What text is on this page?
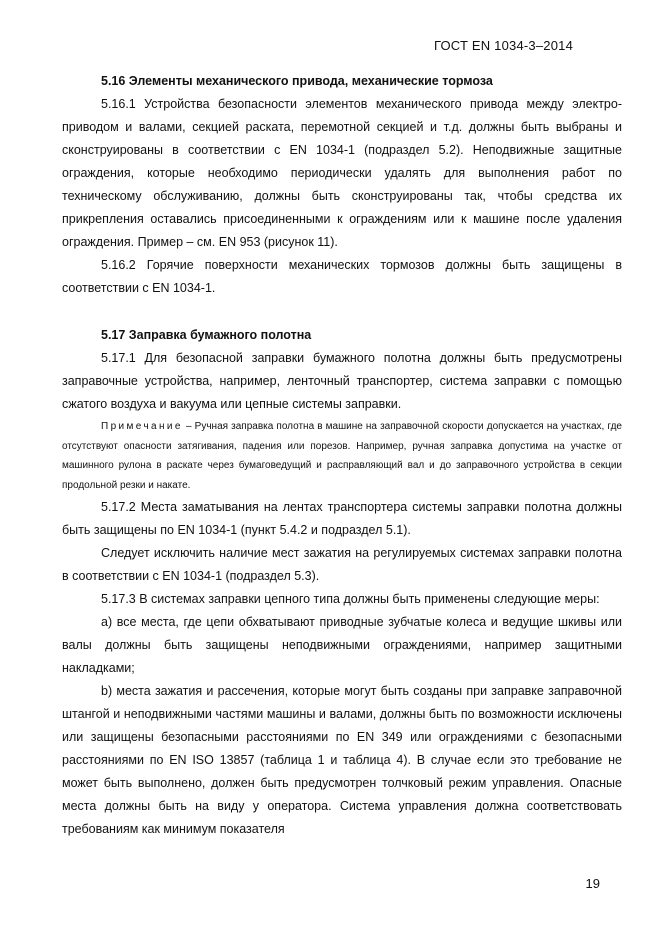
ГОСТ EN 1034-3–2014

5.16 Элементы механического привода, механические тормоза

5.16.1 Устройства безопасности элементов механического привода между электро- приводом и валами, секцией раската, перемотной секцией и т.д. должны быть выбраны и сконструированы в соответствии с EN 1034-1 (подраздел 5.2). Неподвижные защитные ограждения, которые необходимо периодически удалять для выполнения работ по техническому обслуживанию, должны быть сконструированы так, чтобы средства их прикрепления оставались присоединенными к ограждениям или к машине после удаления ограждения. Пример – см. EN 953 (рисунок 11).

5.16.2 Горячие поверхности механических тормозов должны быть защищены в соответствии с EN 1034-1.

5.17 Заправка бумажного полотна

5.17.1 Для безопасной заправки бумажного полотна должны быть предусмотрены заправочные устройства, например, ленточный транспортер, система заправки с помощью сжатого воздуха и вакуума или цепные системы заправки.

Примечание – Ручная заправка полотна в машине на заправочной скорости допускается на участках, где отсутствуют опасности затягивания, падения или порезов. Например, ручная заправка допустима на участке от машинного рулона в раскате через бумаговедущий и расправляющий вал и до заправочного устройства в секции продольной резки и накате.

5.17.2 Места заматывания на лентах транспортера системы заправки полотна должны быть защищены по EN 1034-1 (пункт 5.4.2 и подраздел 5.1).

Следует исключить наличие мест зажатия на регулируемых системах заправки полотна в соответствии с EN 1034-1 (подраздел 5.3).

5.17.3 В системах заправки цепного типа должны быть применены следующие меры:

a) все места, где цепи обхватывают приводные зубчатые колеса и ведущие шкивы или валы должны быть защищены неподвижными ограждениями, например защитными накладками;

b) места зажатия и рассечения, которые могут быть созданы при заправке заправочной штангой и неподвижными частями машины и валами, должны быть по возможности исключены или защищены безопасными расстояниями по EN 349 или ограждениями с безопасными расстояниями по EN ISO 13857 (таблица 1 и таблица 4). В случае если это требование не может быть выполнено, должен быть предусмотрен толчковый режим управления. Опасные места должны быть на виду у оператора. Система управления должна соответствовать требованиям как минимум показателя

19
